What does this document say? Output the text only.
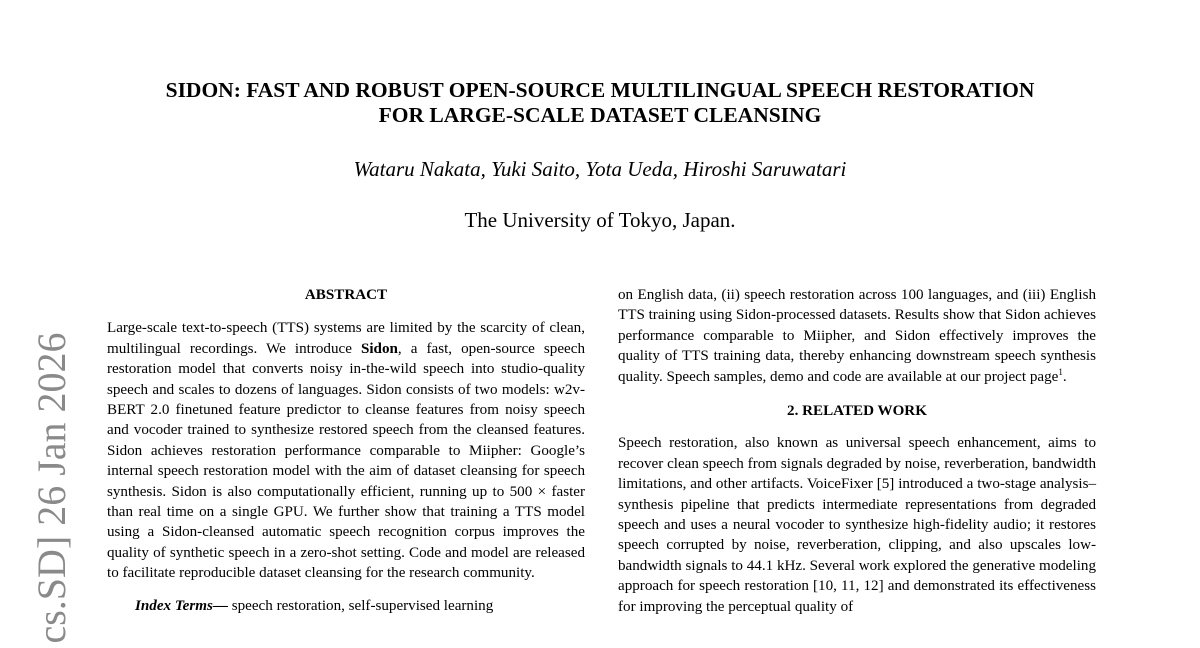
SIDON: FAST AND ROBUST OPEN-SOURCE MULTILINGUAL SPEECH RESTORATION
FOR LARGE-SCALE DATASET CLEANSING
Wataru Nakata, Yuki Saito, Yota Ueda, Hiroshi Saruwatari
The University of Tokyo, Japan.
cs.SD] 26 Jan 2026
ABSTRACT

Large-scale text-to-speech (TTS) systems are limited by the scarcity of clean, multilingual recordings. We introduce Sidon, a fast, open-source speech restoration model that converts noisy in-the-wild speech into studio-quality speech and scales to dozens of languages. Sidon consists of two models: w2v-BERT 2.0 finetuned feature predictor to cleanse features from noisy speech and vocoder trained to synthesize restored speech from the cleansed features. Sidon achieves restoration performance comparable to Miipher: Google’s internal speech restoration model with the aim of dataset cleansing for speech synthesis. Sidon is also computationally efficient, running up to 500 × faster than real time on a single GPU. We further show that training a TTS model using a Sidon-cleansed automatic speech recognition corpus improves the quality of synthetic speech in a zero-shot setting. Code and model are released to facilitate reproducible dataset cleansing for the research community.

Index Terms— speech restoration, self-supervised learning

on English data, (ii) speech restoration across 100 languages, and (iii) English TTS training using Sidon-processed datasets. Results show that Sidon achieves performance comparable to Miipher, and Sidon effectively improves the quality of TTS training data, thereby enhancing downstream speech synthesis quality. Speech samples, demo and code are available at our project page$^1$.

2. RELATED WORK

Speech restoration, also known as universal speech enhancement, aims to recover clean speech from signals degraded by noise, reverberation, bandwidth limitations, and other artifacts. VoiceFixer [5] introduced a two-stage analysis–synthesis pipeline that predicts intermediate representations from degraded speech and uses a neural vocoder to synthesize high-fidelity audio; it restores speech corrupted by noise, reverberation, clipping, and also upscales low-bandwidth signals to 44.1 kHz. Several work explored the generative modeling approach for speech restoration [10, 11, 12] and demonstrated its effectiveness for improving the perceptual quality of
